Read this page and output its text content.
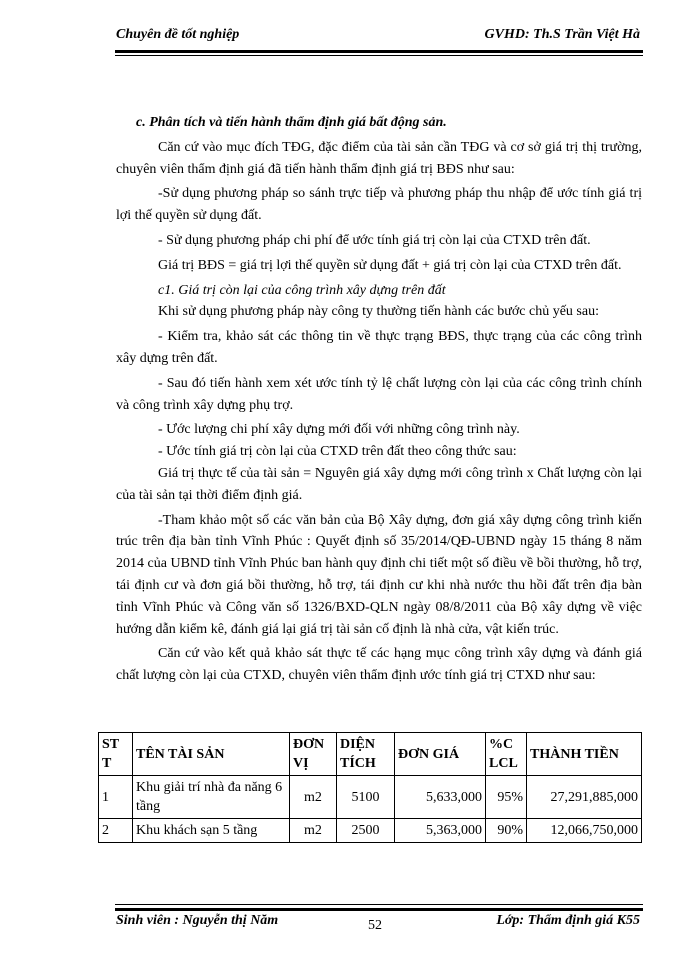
Chuyên đề tốt nghiệp	GVHD: Th.S Trần Việt Hà

c. Phân tích và tiến hành thẩm định giá bất động sản.

Căn cứ vào mục đích TĐG, đặc điểm của tài sản cần TĐG và cơ sở giá trị thị trường, chuyên viên thẩm định giá đã tiến hành thẩm định giá trị BĐS như sau:

-Sử dụng phương pháp so sánh trực tiếp và phương pháp thu nhập để ước tính giá trị lợi thế quyền sử dụng đất.

- Sử dụng phương pháp chi phí để ước tính giá trị còn lại của CTXD trên đất.

Giá trị BĐS = giá trị lợi thế quyền sử dụng đất + giá trị còn lại của CTXD trên đất.

c1. Giá trị còn lại của công trình xây dựng trên đất

Khi sử dụng phương pháp này công ty thường tiến hành các bước chủ yếu sau:

- Kiểm tra, khảo sát các thông tin về thực trạng BĐS, thực trạng của các công trình xây dựng trên đất.

- Sau đó tiến hành xem xét ước tính tỷ lệ chất lượng còn lại của các công trình chính và công trình xây dựng phụ trợ.

- Ước lượng chi phí xây dựng mới đối với những công trình này.

- Ước tính giá trị còn lại của CTXD trên đất theo công thức sau:

Giá trị thực tế của tài sản = Nguyên giá xây dựng mới công trình x Chất lượng còn lại của tài sản tại thời điểm định giá.

-Tham khảo một số các văn bản của Bộ Xây dựng, đơn giá xây dựng công trình kiến trúc trên địa bàn tỉnh Vĩnh Phúc : Quyết định số 35/2014/QĐ-UBND ngày 15 tháng 8 năm 2014 của UBND tỉnh Vĩnh Phúc ban hành quy định chi tiết một số điều về bồi thường, hỗ trợ, tái định cư và đơn giá bồi thường, hỗ trợ, tái định cư khi nhà nước thu hồi đất trên địa bàn tỉnh Vĩnh Phúc và Công văn số 1326/BXD-QLN ngày 08/8/2011 của Bộ xây dựng về việc hướng dẫn kiểm kê, đánh giá lại giá trị tài sản cố định là nhà cửa, vật kiến trúc.

Căn cứ vào kết quả khảo sát thực tế các hạng mục công trình xây dựng và đánh giá chất lượng còn lại của CTXD, chuyên viên thẩm định ước tính giá trị CTXD như sau:

ST T	TÊN TÀI SẢN	ĐƠN VỊ	DIỆN TÍCH	ĐƠN GIÁ	%C LCL	THÀNH TIỀN
1	Khu giải trí nhà đa năng 6 tầng	m2	5100	5,633,000	95%	27,291,885,000
2	Khu khách sạn 5 tầng	m2	2500	5,363,000	90%	12,066,750,000
Sinh viên : Nguyễn thị Năm	52	Lớp: Thẩm định giá K55
